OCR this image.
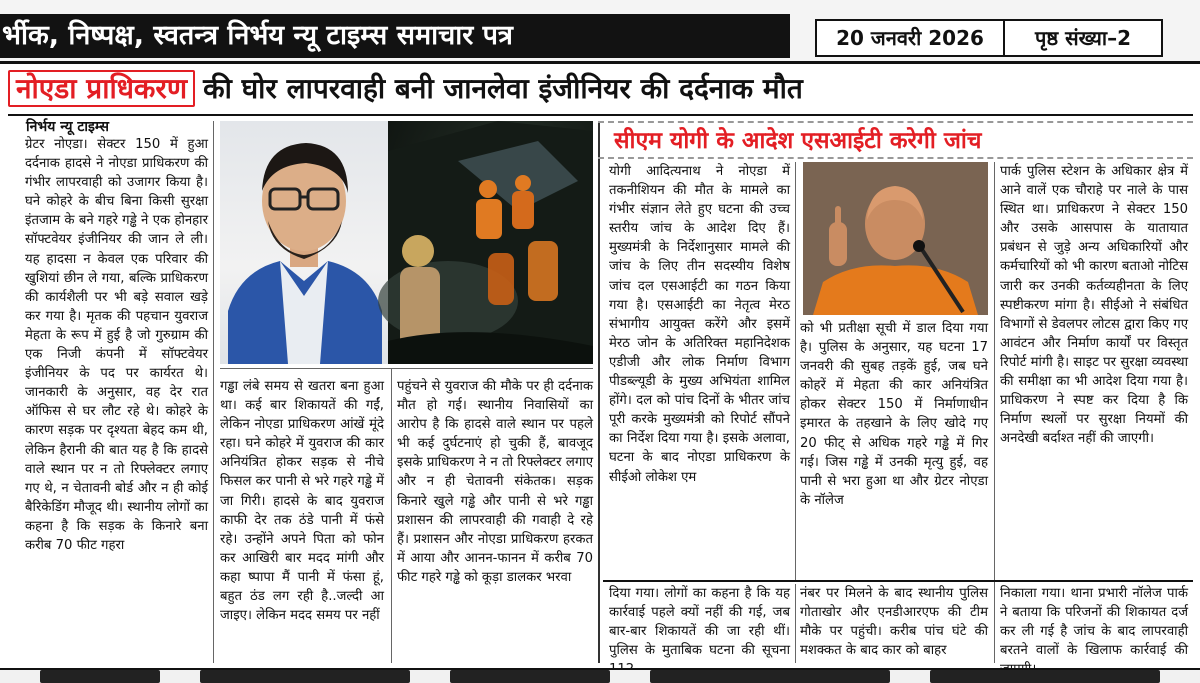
र्भीक, निष्पक्ष, स्वतन्त्र निर्भय न्यू टाइम्स समाचार पत्र	20 जनवरी 2026	पृष्ठ संख्या–2
नोएडा प्राधिकरण की घोर लापरवाही बनी जानलेवा इंजीनियर की दर्दनाक मौत
निर्भय न्यू टाइम्स
ग्रेटर नोएडा। सेक्टर 150 में हुआ दर्दनाक हादसे ने नोएडा प्राधिकरण की गंभीर लापरवाही को उजागर किया है। घने कोहरे के बीच बिना किसी सुरक्षा इंतजाम के बने गहरे गड्ढे ने एक होनहार सॉफ्टवेयर इंजीनियर की जान ले ली। यह हादसा न केवल एक परिवार की खुशियां छीन ले गया, बल्कि प्राधिकरण की कार्यशैली पर भी बड़े सवाल खड़े कर गया है। मृतक की पहचान युवराज मेहता के रूप में हुई है जो गुरुग्राम की एक निजी कंपनी में सॉफ्टवेयर इंजीनियर के पद पर कार्यरत थे। जानकारी के अनुसार, वह देर रात ऑफिस से घर लौट रहे थे। कोहरे के कारण सड़क पर दृश्यता बेहद कम थी, लेकिन हैरानी की बात यह है कि हादसे वाले स्थान पर न तो रिफ्लेक्टर लगाए गए थे, न चेतावनी बोर्ड और न ही कोई बैरिकेडिंग मौजूद थी। स्थानीय लोगों का कहना है कि सड़क के किनारे बना करीब 70 फीट गहरा
गड्ढा लंबे समय से खतरा बना हुआ था। कई बार शिकायतें की गईं, लेकिन नोएडा प्राधिकरण आंखें मूंदे रहा। घने कोहरे में युवराज की कार अनियंत्रित होकर सड़क से नीचे फिसल कर पानी से भरे गहरे गड्ढे में जा गिरी। हादसे के बाद युवराज काफी देर तक ठंडे पानी में फंसे रहे। उन्होंने अपने पिता को फोन कर आखिरी बार मदद मांगी और कहा ष्पापा मैं पानी में फंसा हूं, बहुत ठंड लग रही है..जल्दी आ जाइए। लेकिन मदद समय पर नहीं
पहुंचने से युवराज की मौके पर ही दर्दनाक मौत हो गई। स्थानीय निवासियों का आरोप है कि हादसे वाले स्थान पर पहले भी कई दुर्घटनाएं हो चुकी हैं, बावजूद इसके प्राधिकरण ने न तो रिफ्लेक्टर लगाए और न ही चेतावनी संकेतक। सड़क किनारे खुले गड्ढे और पानी से भरे गड्ढा प्रशासन की लापरवाही की गवाही दे रहे हैं। प्रशासन और नोएडा प्राधिकरण हरकत में आया और आनन-फानन में करीब 70 फीट गहरे गड्ढे को कूड़ा डालकर भरवा
सीएम योगी के आदेश एसआईटी करेगी जांच
योगी आदित्यनाथ ने नोएडा में तकनीशियन की मौत के मामले का गंभीर संज्ञान लेते हुए घटना की उच्च स्तरीय जांच के आदेश दिए हैं। मुख्यमंत्री के निर्देशानुसार मामले की जांच के लिए तीन सदस्यीय विशेष जांच दल एसआईटी का गठन किया गया है। एसआईटी का नेतृत्व मेरठ संभागीय आयुक्त करेंगे और इसमें मेरठ जोन के अतिरिक्त महानिदेशक एडीजी और लोक निर्माण विभाग पीडब्ल्यूडी के मुख्य अभियंता शामिल होंगे। दल को पांच दिनों के भीतर जांच पूरी करके मुख्यमंत्री को रिपोर्ट सौंपने का निर्देश दिया गया है। इसके अलावा, घटना के बाद नोएडा प्राधिकरण के सीईओ लोकेश एम
को भी प्रतीक्षा सूची में डाल दिया गया है। पुलिस के अनुसार, यह घटना 17 जनवरी की सुबह तड़कें हुई, जब घने कोहरें में मेहता की कार अनियंत्रित होकर सेक्टर 150 में निर्माणाधीन इमारत के तहखाने के लिए खोदे गए 20 फीट् से अधिक गहरे गड्ढे में गिर गई। जिस गड्ढे में उनकी मृत्यु हुई, वह पानी से भरा हुआ था और ग्रेटर नोएडा के नॉलेज
पार्क पुलिस स्टेशन के अधिकार क्षेत्र में आने वालें एक चौराहे पर नाले के पास स्थित था। प्राधिकरण ने सेक्टर 150 और उसके आसपास के यातायात प्रबंधन से जुड़े अन्य अधिकारियों और कर्मचारियों को भी कारण बताओ नोटिस जारी कर उनकी कर्तव्यहीनता के लिए स्पष्टीकरण मांगा है। सीईओ ने संबंधित विभागों से डेवलपर लोटस द्वारा किए गए आवंटन और निर्माण कार्यों पर विस्तृत रिपोर्ट मांगी है। साइट पर सुरक्षा व्यवस्था की समीक्षा का भी आदेश दिया गया है। प्राधिकरण ने स्पष्ट कर दिया है कि निर्माण स्थलों पर सुरक्षा नियमों की अनदेखी बर्दाश्त नहीं की जाएगी।
दिया गया। लोगों का कहना है कि यह कार्रवाई पहले क्यों नहीं की गई, जब बार-बार शिकायतें की जा रही थीं। पुलिस के मुताबिक घटना की सूचना
नंबर पर मिलने के बाद स्थानीय पुलिस गोताखोर और एनडीआरएफ की टीम मौके पर पहुंची। करीब पांच घंटे की मशक्कत के बाद कार को बाहर
निकाला गया। थाना प्रभारी नॉलेज पार्क ने बताया कि परिजनों की शिकायत दर्ज कर ली गई है जांच के बाद लापरवाही बरतने वालों के खिलाफ कार्रवाई की
